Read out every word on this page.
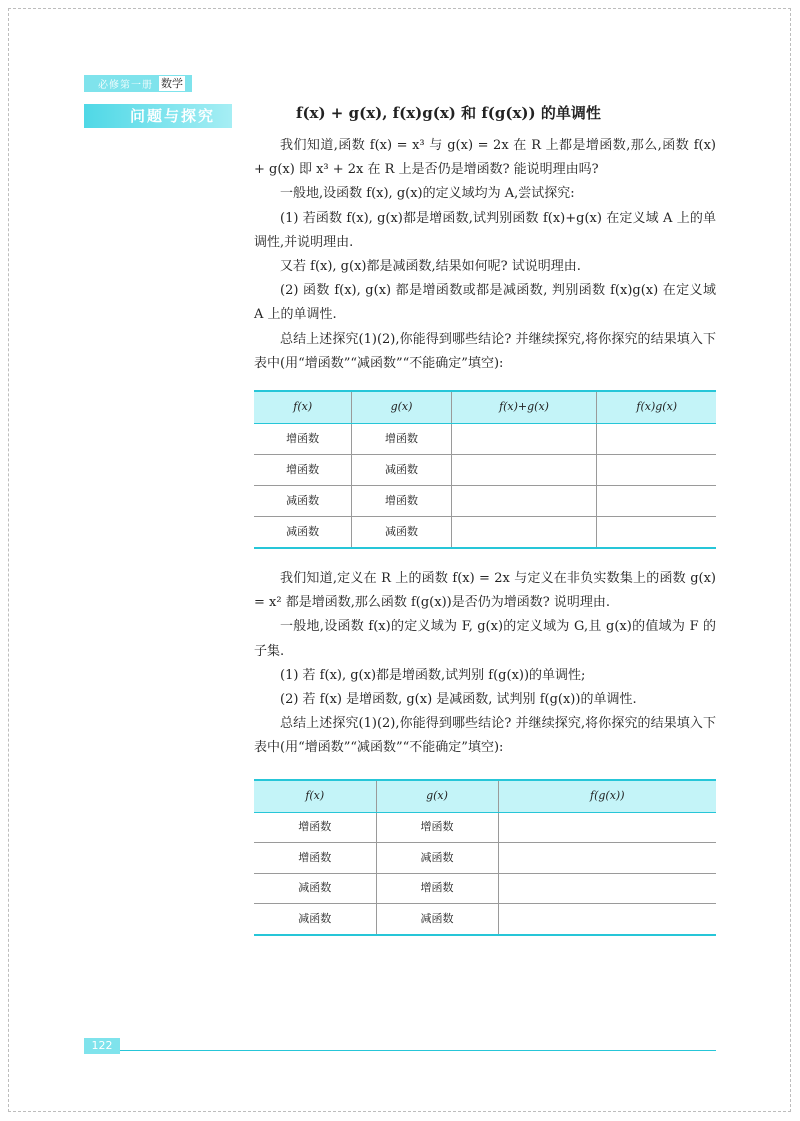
必修第一册 数学
问题与探究	f(x) + g(x), f(x)g(x) 和 f(g(x)) 的单调性

我们知道,函数 f(x) = x³ 与 g(x) = 2x 在 R 上都是增函数,那么,函数 f(x) + g(x) 即 x³ + 2x 在 R 上是否仍是增函数? 能说明理由吗?

一般地,设函数 f(x), g(x)的定义域均为 A,尝试探究:

(1) 若函数 f(x), g(x)都是增函数,试判别函数 f(x)+g(x) 在定义域 A 上的单调性,并说明理由.

又若 f(x), g(x)都是减函数,结果如何呢? 试说明理由.

(2) 函数 f(x), g(x) 都是增函数或都是减函数, 判别函数 f(x)g(x) 在定义域 A 上的单调性.

总结上述探究(1)(2),你能得到哪些结论? 并继续探究,将你探究的结果填入下表中(用“增函数”“减函数”“不能确定”填空):

f(x)	g(x)	f(x)+g(x)	f(x)g(x)
增函数	增函数		
增函数	减函数		
减函数	增函数		
减函数	减函数		

我们知道,定义在 R 上的函数 f(x) = 2x 与定义在非负实数集上的函数 g(x) = x² 都是增函数,那么函数 f(g(x))是否仍为增函数? 说明理由.

一般地,设函数 f(x)的定义域为 F, g(x)的定义域为 G,且 g(x)的值域为 F 的子集.

(1) 若 f(x), g(x)都是增函数,试判别 f(g(x))的单调性;

(2) 若 f(x) 是增函数, g(x) 是减函数, 试判别 f(g(x))的单调性.

总结上述探究(1)(2),你能得到哪些结论? 并继续探究,将你探究的结果填入下表中(用“增函数”“减函数”“不能确定”填空):

f(x)	g(x)	f(g(x))
增函数	增函数	
增函数	减函数	
减函数	增函数	
减函数	减函数	
122
